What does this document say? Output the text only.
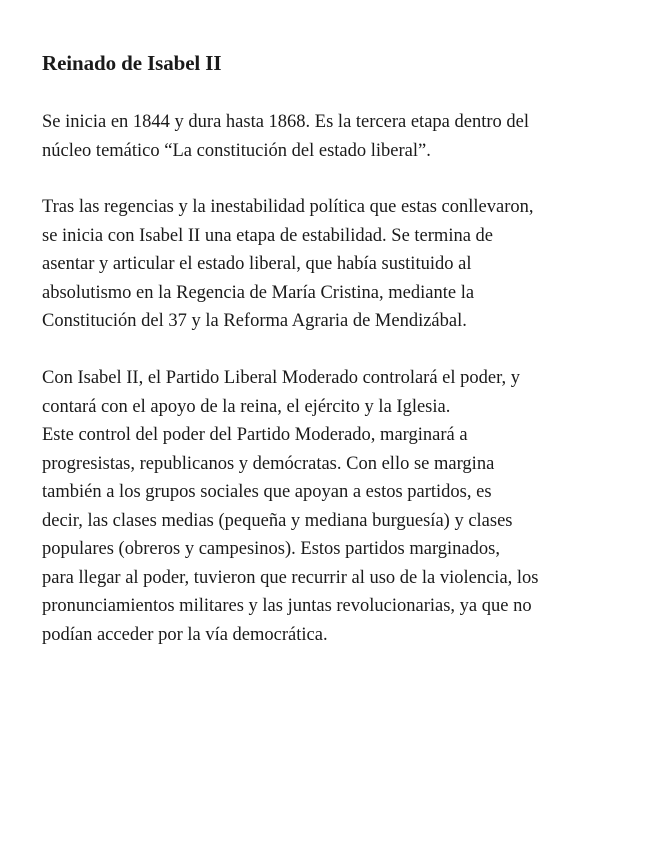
Reinado de Isabel II
Se inicia en 1844 y dura hasta 1868. Es la tercera etapa dentro del
núcleo temático “La constitución del estado liberal”.
Tras las regencias y la inestabilidad política que estas conllevaron,
se inicia con Isabel II una etapa de estabilidad. Se termina de
asentar y articular el estado liberal, que había sustituido al
absolutismo en la Regencia de María Cristina, mediante la
Constitución del 37 y la Reforma Agraria de Mendizábal.
Con Isabel II, el Partido Liberal Moderado controlará el poder, y
contará con el apoyo de la reina, el ejército y la Iglesia.
Este control del poder del Partido Moderado, marginará a
progresistas, republicanos y demócratas. Con ello se margina
también a los grupos sociales que apoyan a estos partidos, es
decir, las clases medias (pequeña y mediana burguesía) y clases
populares (obreros y campesinos). Estos partidos marginados,
para llegar al poder, tuvieron que recurrir al uso de la violencia, los
pronunciamientos militares y las juntas revolucionarias, ya que no
podían acceder por la vía democrática.
